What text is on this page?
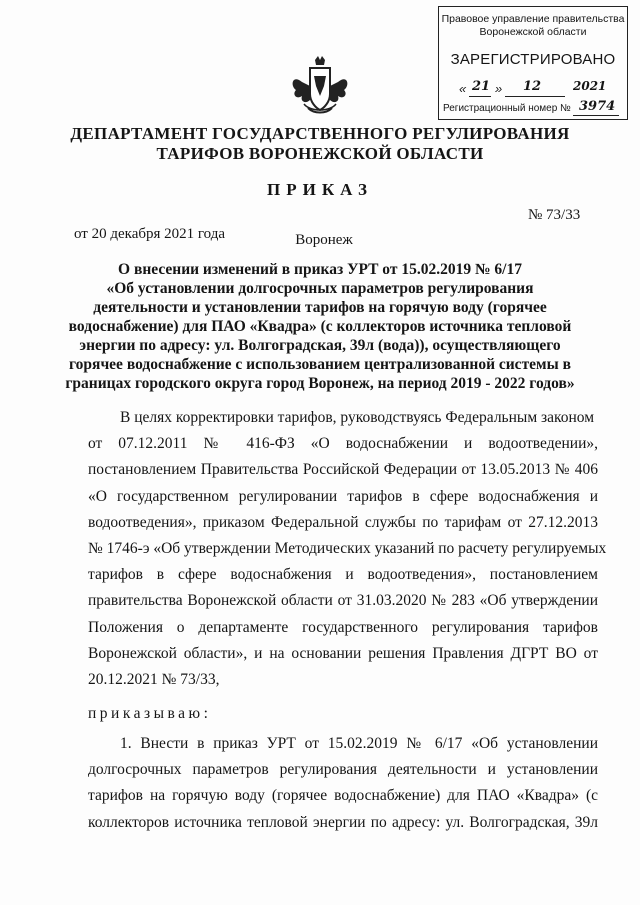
Правовое управление правительства
Воронежской области
ЗАРЕГИСТРИРОВАНО
« 21 » 12	2021
Регистрационный номер № 3974
ДЕПАРТАМЕНТ ГОСУДАРСТВЕННОГО РЕГУЛИРОВАНИЯ
ТАРИФОВ ВОРОНЕЖСКОЙ ОБЛАСТИ
ПРИКАЗ
№ 73/33
от 20 декабря 2021 года	Воронеж
О внесении изменений в приказ УРТ от 15.02.2019 № 6/17
«Об установлении долгосрочных параметров регулирования
деятельности и установлении тарифов на горячую воду (горячее
водоснабжение) для ПАО «Квадра» (с коллекторов источника тепловой
энергии по адресу: ул. Волгоградская, 39л (вода)), осуществляющего
горячее водоснабжение с использованием централизованной системы в
границах городского округа город Воронеж, на период 2019 - 2022 годов»
В целях корректировки тарифов, руководствуясь Федеральным законом
от 07.12.2011 № 416-ФЗ «О водоснабжении и водоотведении»,
постановлением Правительства Российской Федерации от 13.05.2013 № 406
«О государственном регулировании тарифов в сфере водоснабжения и
водоотведения», приказом Федеральной службы по тарифам от 27.12.2013
№ 1746-э «Об утверждении Методических указаний по расчету регулируемых
тарифов в сфере водоснабжения и водоотведения», постановлением
правительства Воронежской области от 31.03.2020 № 283 «Об утверждении
Положения о департаменте государственного регулирования тарифов
Воронежской области», и на основании решения Правления ДГРТ ВО от
20.12.2021 № 73/33,
приказываю:
1. Внести в приказ УРТ от 15.02.2019 № 6/17 «Об установлении
долгосрочных параметров регулирования деятельности и установлении
тарифов на горячую воду (горячее водоснабжение) для ПАО «Квадра» (с
коллекторов источника тепловой энергии по адресу: ул. Волгоградская, 39л
